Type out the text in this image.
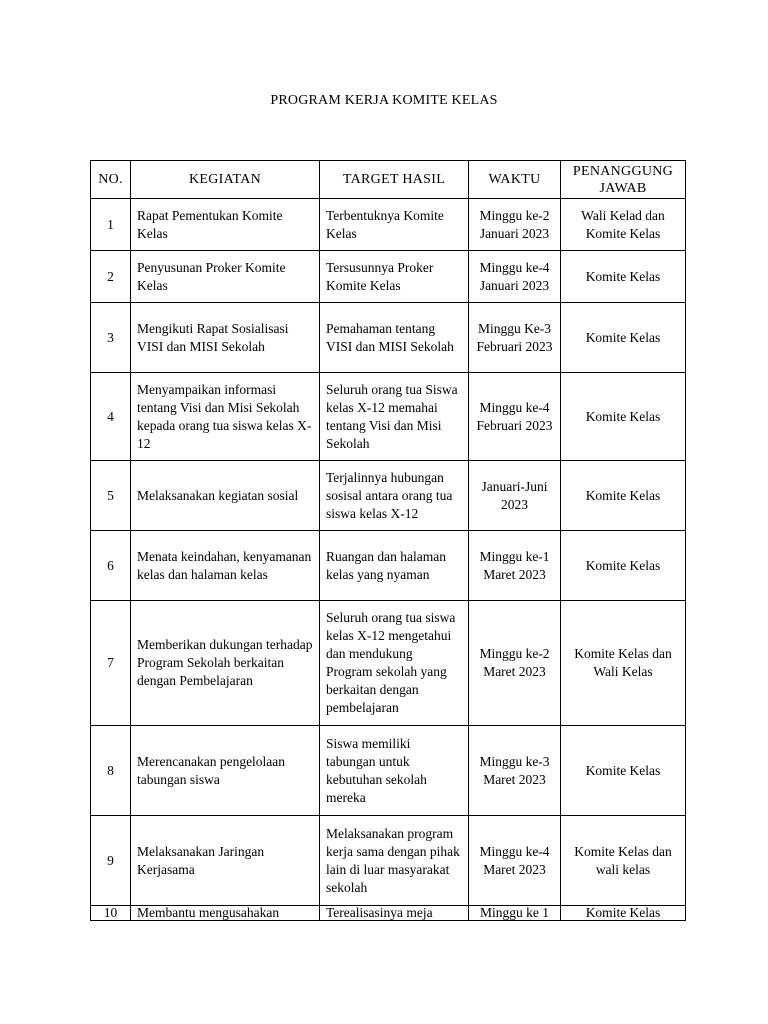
PROGRAM KERJA KOMITE KELAS
NO.	KEGIATAN	TARGET HASIL	WAKTU	PENANGGUNG JAWAB
1	Rapat Pementukan Komite Kelas	Terbentuknya Komite Kelas	Minggu ke-2 Januari 2023	Wali Kelad dan Komite Kelas
2	Penyusunan Proker Komite Kelas	Tersusunnya Proker Komite Kelas	Minggu ke-4 Januari 2023	Komite Kelas
3	Mengikuti Rapat Sosialisasi VISI dan MISI Sekolah	Pemahaman tentang VISI dan MISI Sekolah	Minggu Ke-3 Februari 2023	Komite Kelas
4	Menyampaikan informasi tentang Visi dan Misi Sekolah kepada orang tua siswa kelas X-12	Seluruh orang tua Siswa kelas X-12 memahai tentang Visi dan Misi Sekolah	Minggu ke-4 Februari 2023	Komite Kelas
5	Melaksanakan kegiatan sosial	Terjalinnya hubungan sosisal antara orang tua siswa kelas X-12	Januari-Juni 2023	Komite Kelas
6	Menata keindahan, kenyamanan kelas dan halaman kelas	Ruangan dan halaman kelas yang nyaman	Minggu ke-1 Maret 2023	Komite Kelas
7	Memberikan dukungan terhadap Program Sekolah berkaitan dengan Pembelajaran	Seluruh orang tua siswa kelas X-12 mengetahui dan mendukung Program sekolah yang berkaitan dengan pembelajaran	Minggu ke-2 Maret 2023	Komite Kelas dan Wali Kelas
8	Merencanakan pengelolaan tabungan siswa	Siswa memiliki tabungan untuk kebutuhan sekolah mereka	Minggu ke-3 Maret 2023	Komite Kelas
9	Melaksanakan Jaringan Kerjasama	Melaksanakan program kerja sama dengan pihak lain di luar masyarakat sekolah	Minggu ke-4 Maret 2023	Komite Kelas dan wali kelas
10	Membantu mengusahakan	Terealisasinya meja	Minggu ke 1	Komite Kelas
